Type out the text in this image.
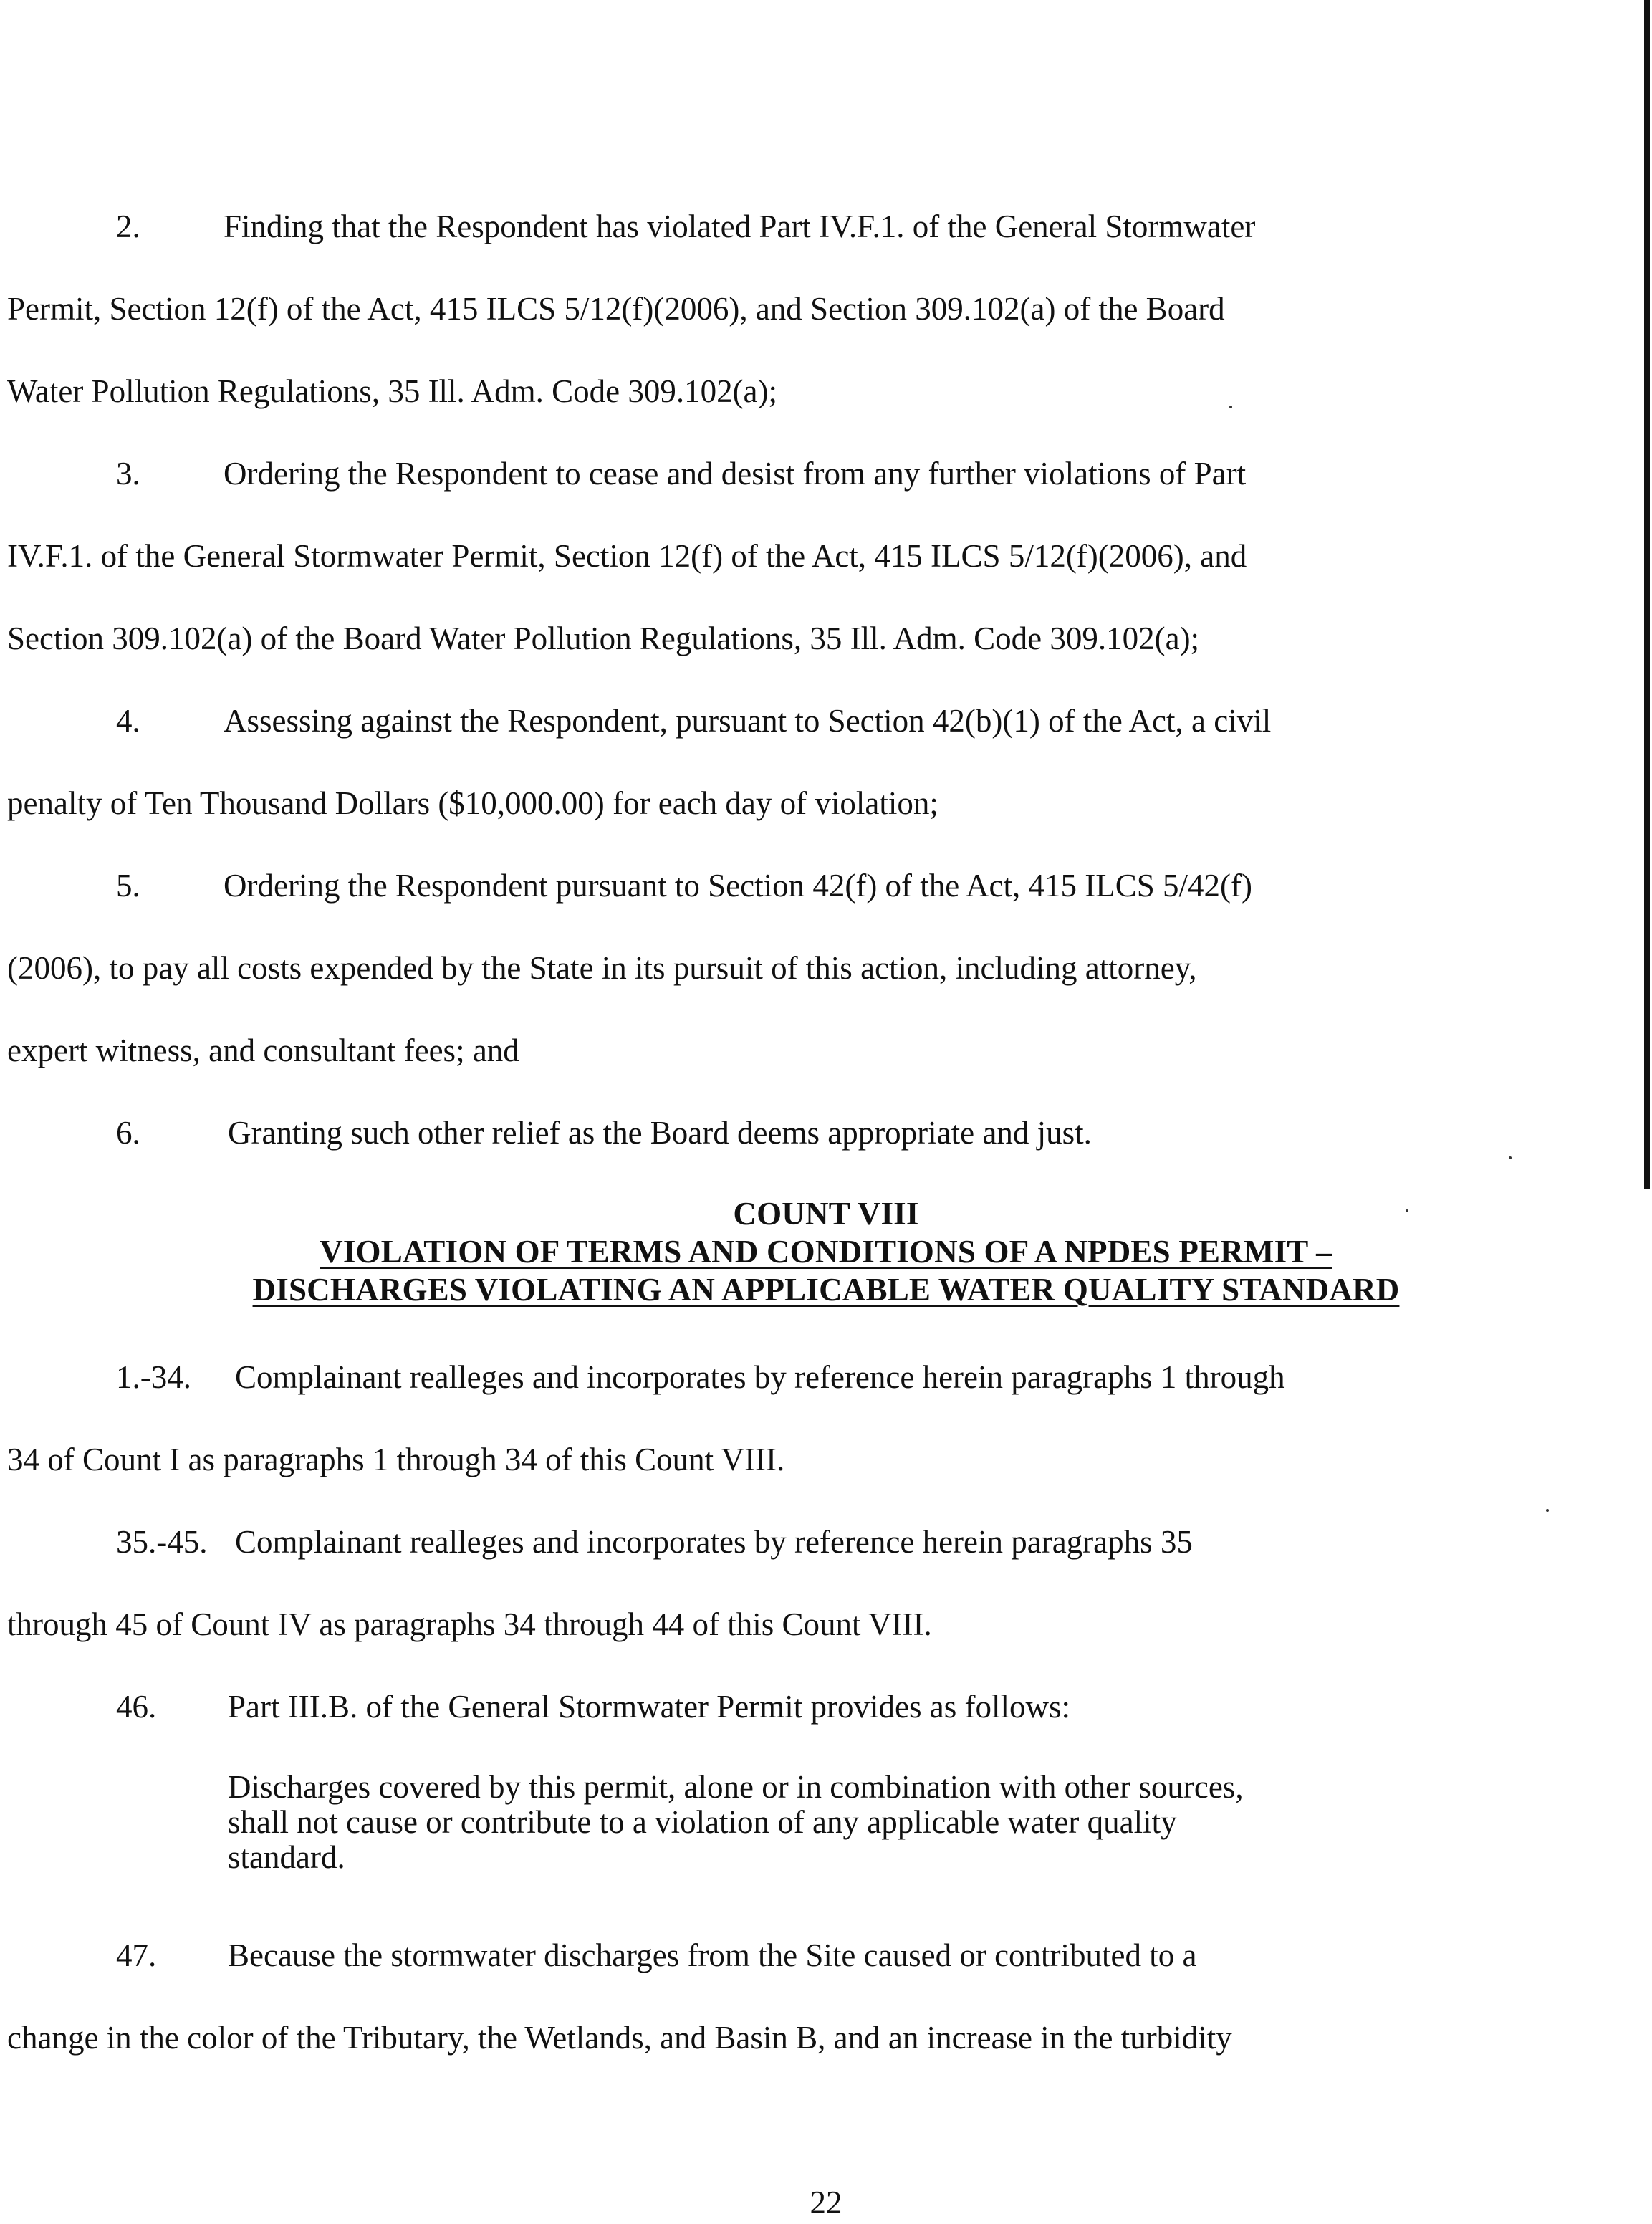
2.	Finding that the Respondent has violated Part IV.F.1. of the General Stormwater

Permit, Section 12(f) of the Act, 415 ILCS 5/12(f)(2006), and Section 309.102(a) of the Board

Water Pollution Regulations, 35 Ill. Adm. Code 309.102(a);

3.	Ordering the Respondent to cease and desist from any further violations of Part

IV.F.1. of the General Stormwater Permit, Section 12(f) of the Act, 415 ILCS 5/12(f)(2006), and

Section 309.102(a) of the Board Water Pollution Regulations, 35 Ill. Adm. Code 309.102(a);

4.	Assessing against the Respondent, pursuant to Section 42(b)(1) of the Act, a civil

penalty of Ten Thousand Dollars ($10,000.00) for each day of violation;

5.	Ordering the Respondent pursuant to Section 42(f) of the Act, 415 ILCS 5/42(f)

(2006), to pay all costs expended by the State in its pursuit of this action, including attorney,

expert witness, and consultant fees; and

6.	Granting such other relief as the Board deems appropriate and just.

COUNT VIII

VIOLATION OF TERMS AND CONDITIONS OF A NPDES PERMIT –

DISCHARGES VIOLATING AN APPLICABLE WATER QUALITY STANDARD

1.-34. Complainant realleges and incorporates by reference herein paragraphs 1 through

34 of Count I as paragraphs 1 through 34 of this Count VIII.

35.-45. Complainant realleges and incorporates by reference herein paragraphs 35

through 45 of Count IV as paragraphs 34 through 44 of this Count VIII.

46. Part III.B. of the General Stormwater Permit provides as follows:

Discharges covered by this permit, alone or in combination with other sources,
shall not cause or contribute to a violation of any applicable water quality
standard.

47. Because the stormwater discharges from the Site caused or contributed to a

change in the color of the Tributary, the Wetlands, and Basin B, and an increase in the turbidity

22
